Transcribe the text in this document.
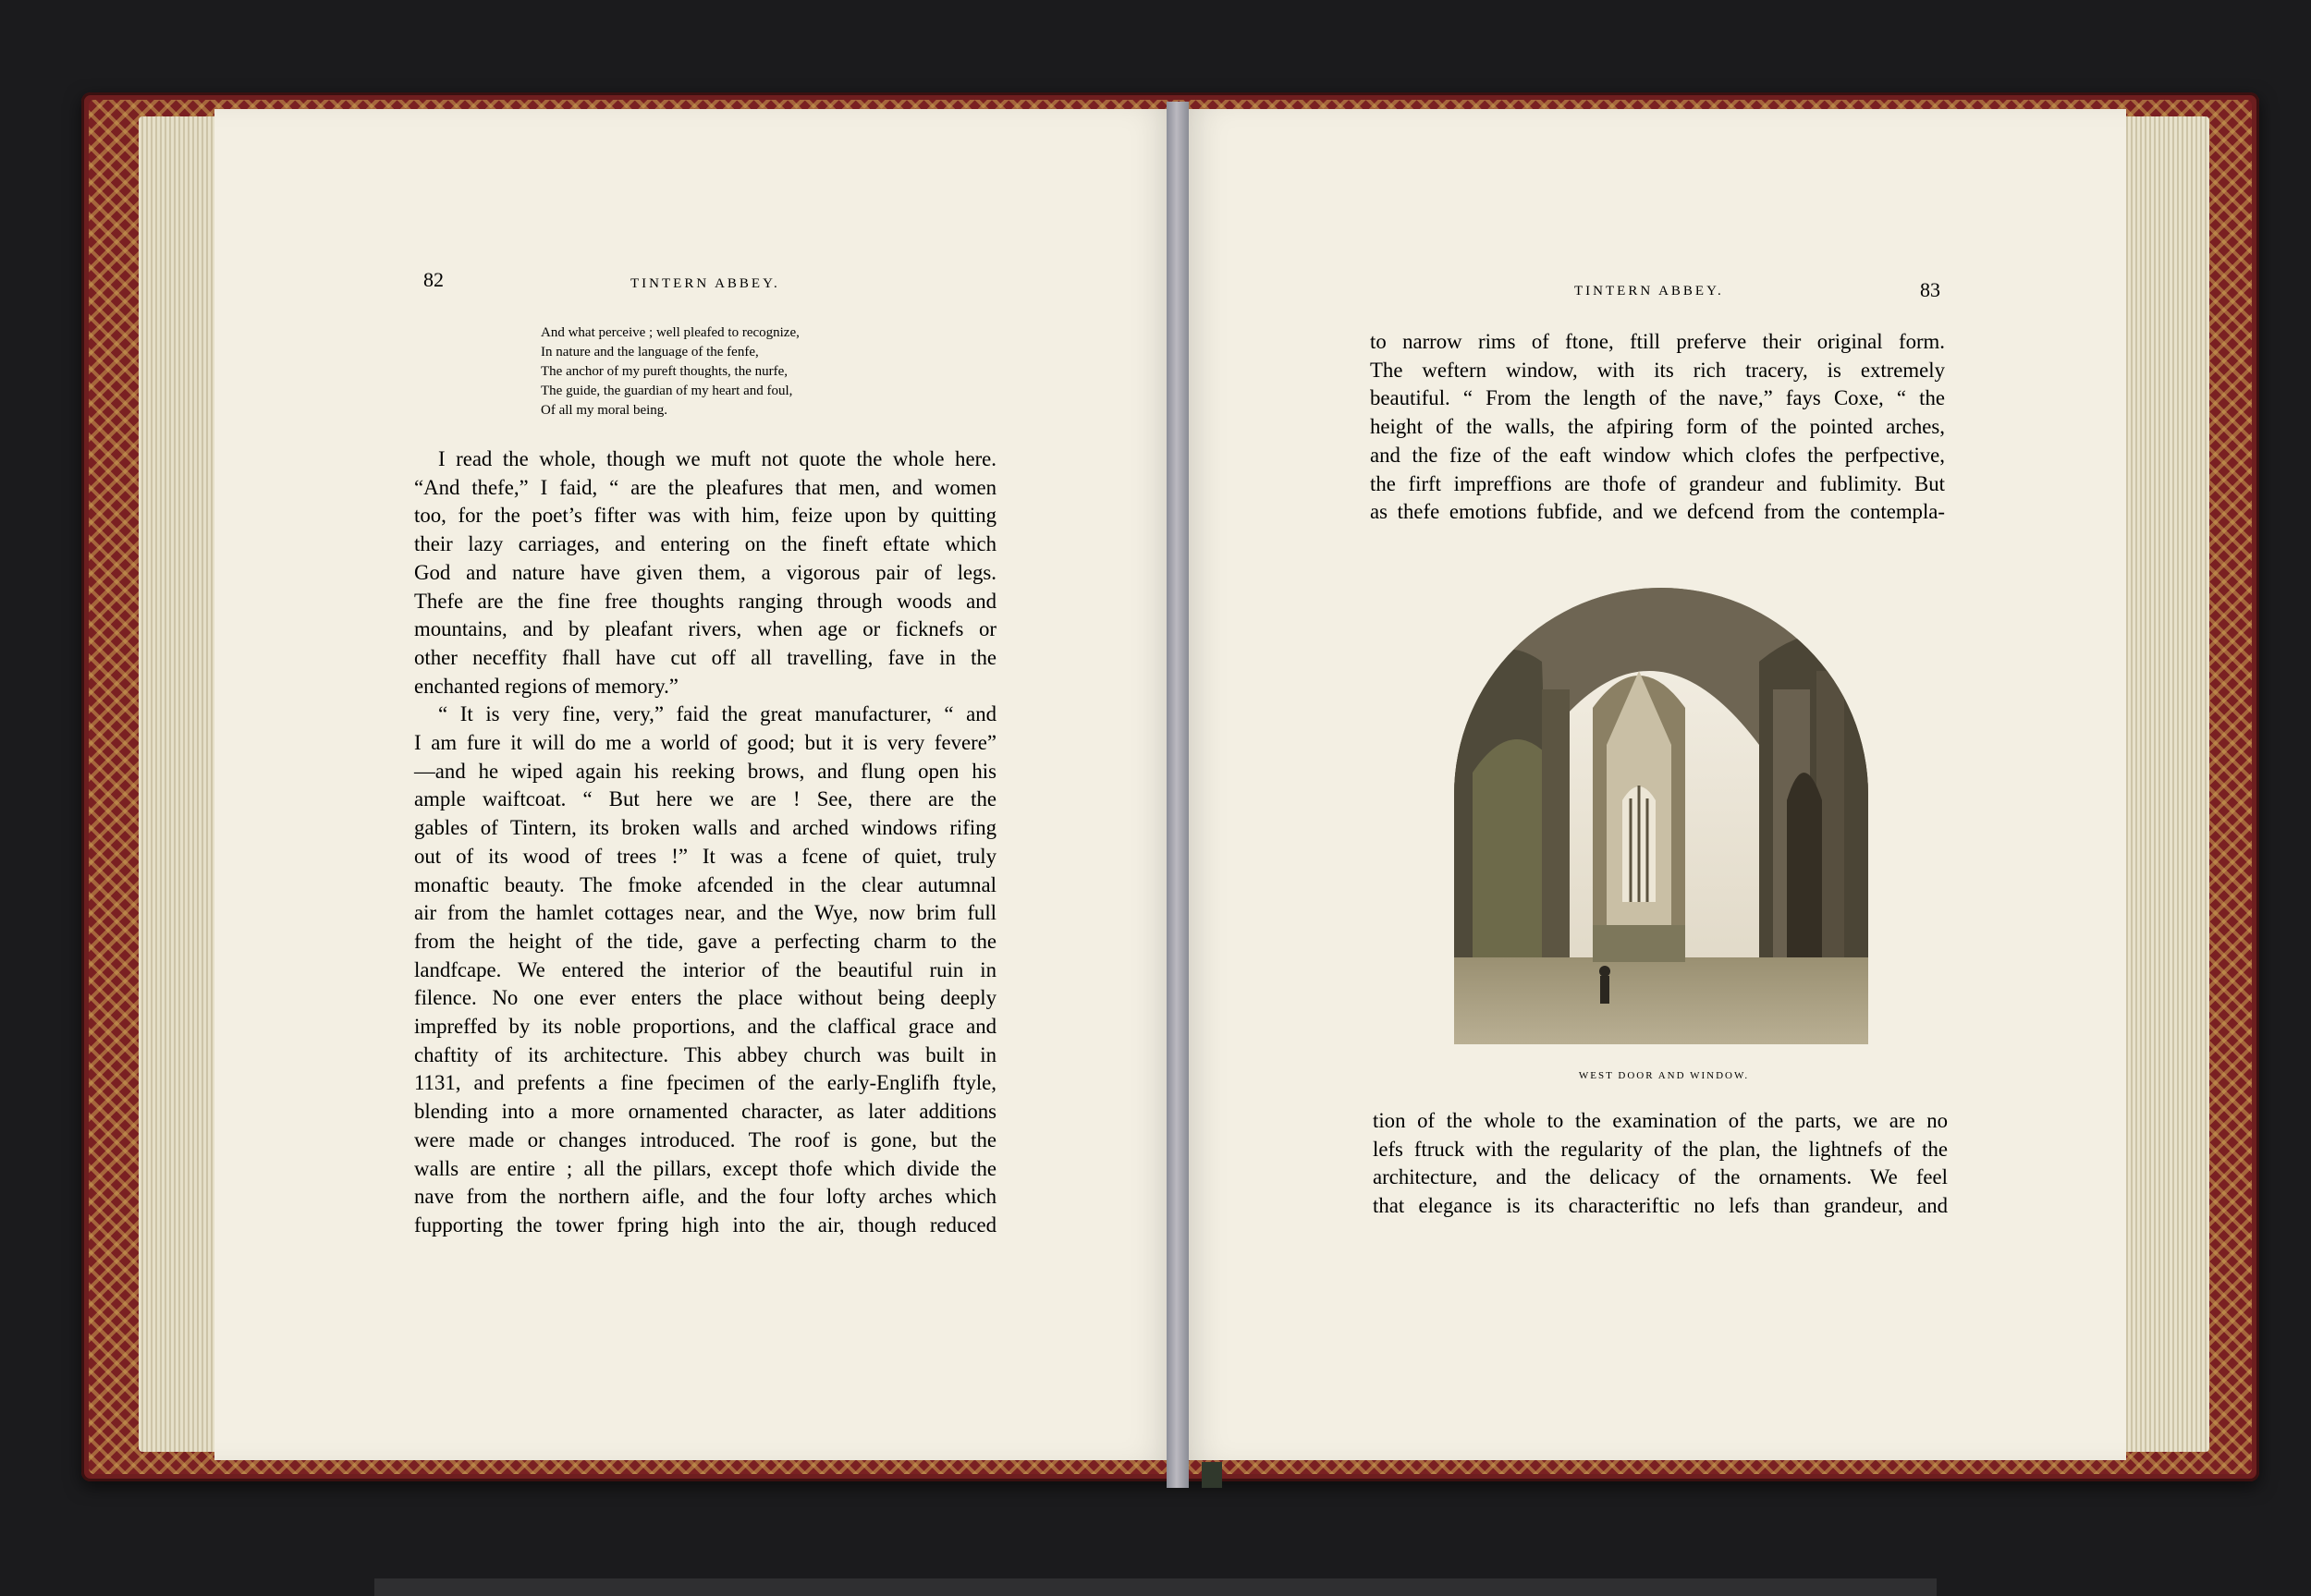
82	TINTERN ABBEY.	TINTERN ABBEY.	83
And what perceive ; well pleafed to recognize,
In nature and the language of the fenfe,
The anchor of my pureft thoughts, the nurfe,
The guide, the guardian of my heart and foul,
Of all my moral being.
I read the whole, though we muft not quote the whole here.
“And thefe,” I faid, “ are the pleafures that men, and women
too, for the poet’s fifter was with him, feize upon by quitting
their lazy carriages, and entering on the fineft eftate which
God and nature have given them, a vigorous pair of legs.
Thefe are the fine free thoughts ranging through woods and
mountains, and by pleafant rivers, when age or ficknefs or
other neceffity fhall have cut off all travelling, fave in the
enchanted regions of memory.”
“ It is very fine, very,” faid the great manufacturer, “ and
I am fure it will do me a world of good; but it is very fevere”
—and he wiped again his reeking brows, and flung open his
ample waiftcoat. “ But here we are ! See, there are the
gables of Tintern, its broken walls and arched windows rifing
out of its wood of trees !” It was a fcene of quiet, truly
monaftic beauty. The fmoke afcended in the clear autumnal
air from the hamlet cottages near, and the Wye, now brim full
from the height of the tide, gave a perfecting charm to the
landfcape. We entered the interior of the beautiful ruin in
filence. No one ever enters the place without being deeply
impreffed by its noble proportions, and the claffical grace and
chaftity of its architecture. This abbey church was built in
1131, and prefents a fine fpecimen of the early-Englifh ftyle,
blending into a more ornamented character, as later additions
were made or changes introduced. The roof is gone, but the
walls are entire ; all the pillars, except thofe which divide the
nave from the northern aifle, and the four lofty arches which
fupporting the tower fpring high into the air, though reduced
to narrow rims of ftone, ftill preferve their original form.
The weftern window, with its rich tracery, is extremely
beautiful. “ From the length of the nave,” fays Coxe, “ the
height of the walls, the afpiring form of the pointed arches,
and the fize of the eaft window which clofes the perfpective,
the firft impreffions are thofe of grandeur and fublimity. But
as thefe emotions fubfide, and we defcend from the contempla-
WEST DOOR AND WINDOW.
tion of the whole to the examination of the parts, we are no
lefs ftruck with the regularity of the plan, the lightnefs of the
architecture, and the delicacy of the ornaments. We feel
that elegance is its characteriftic no lefs than grandeur, and
